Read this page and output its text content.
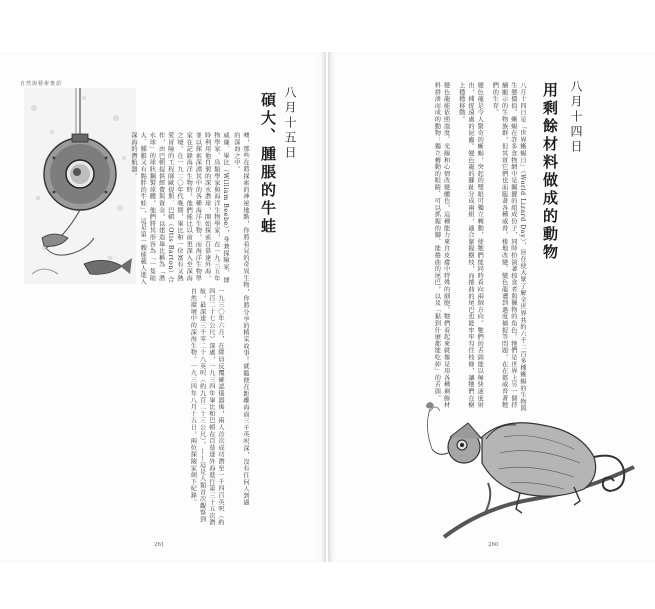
自然與藝術奧語

一九三〇年六月，在隊員反覆確認儀器後，兩人首次成功潛至一千四百英呎（約四百二十七公尺）深處，一九三四年畢比和巴頓在百慕達外海進行第三十五次潛航，最深達三千零二十八英呎（約九百二十三公尺）。——這是人類首次觀察到自然環境中的深海生物。一九三四年八月十五日，兩位探險家創下紀錄。

威廉．畢比（William Beebe），身兼探險家、博物學家、鳥類學家與海洋生物學家，在一九三五年時利用他自製的深水潛球，開始探索百慕達外海，並以探索深淵其中的各種海洋生物，而海洋生物學家在記錄海洋生物時，他們能比以前更深入至深海之境。在一九二〇年代晚期，畢比和一位富有又熱愛冒險的工程師歐提斯．巴頓（Otis Barton）合作，由巴頓提供經費與資金，以建造畢比稱為「潛水球」的球狀鋼製球體，他們將其形容為「一隻碩大、腫脹又有點胖的牛蛙」，這是第一艘能載人進入深海的潛航器。	噢，那些在將探索的神祕地點，你將看見的奇異生物，你將分享的精采故事！就隨便在距離海面三千英呎深，沒有任何人到過的深海之中。	八月十五日
碩大、腫脹的牛蛙
261
八月十四日
用剩餘材料做成的動物

八月十四日是「世界蜥蜴日」（World Lizard Day），旨在使大眾了解全世界共約六千二百多種蜥蜴的生物與生態價值。蜥蜴在許多食物網中是關鍵的組成份子，同時扮演著掠食者與獵物的角色。牠們是世界上另一個持續顯示的生物族群，但其實它們也面臨著各種威脅。棲地改變、變色龍遭到過度捕捉等問題，在在都威脅著牠們的生存。

變色龍是令人驚奇的蜥蜴，突起的雙眼可獨立轉動，使牠們能同時看向兩個方向。牠們的舌頭能以極快速度射出，捕捉遠處的昆蟲。變色龍的腳趾分成兩組，適合緊握樹枝，而捲曲的尾巴也能牢牢勾住枝條，讓牠們在樹上穩穩移動。

變色龍能依照溫度、光線和心情改變體色，這種能力來自皮膚中特殊的細胞。牠們看起來就像是用各種剩餘材料拼湊而成的動物：獨立轉動的眼睛、可以抓握的腳、能捲曲的尾巴，以及「黏到什麼都能吃掉」的舌頭。

260
